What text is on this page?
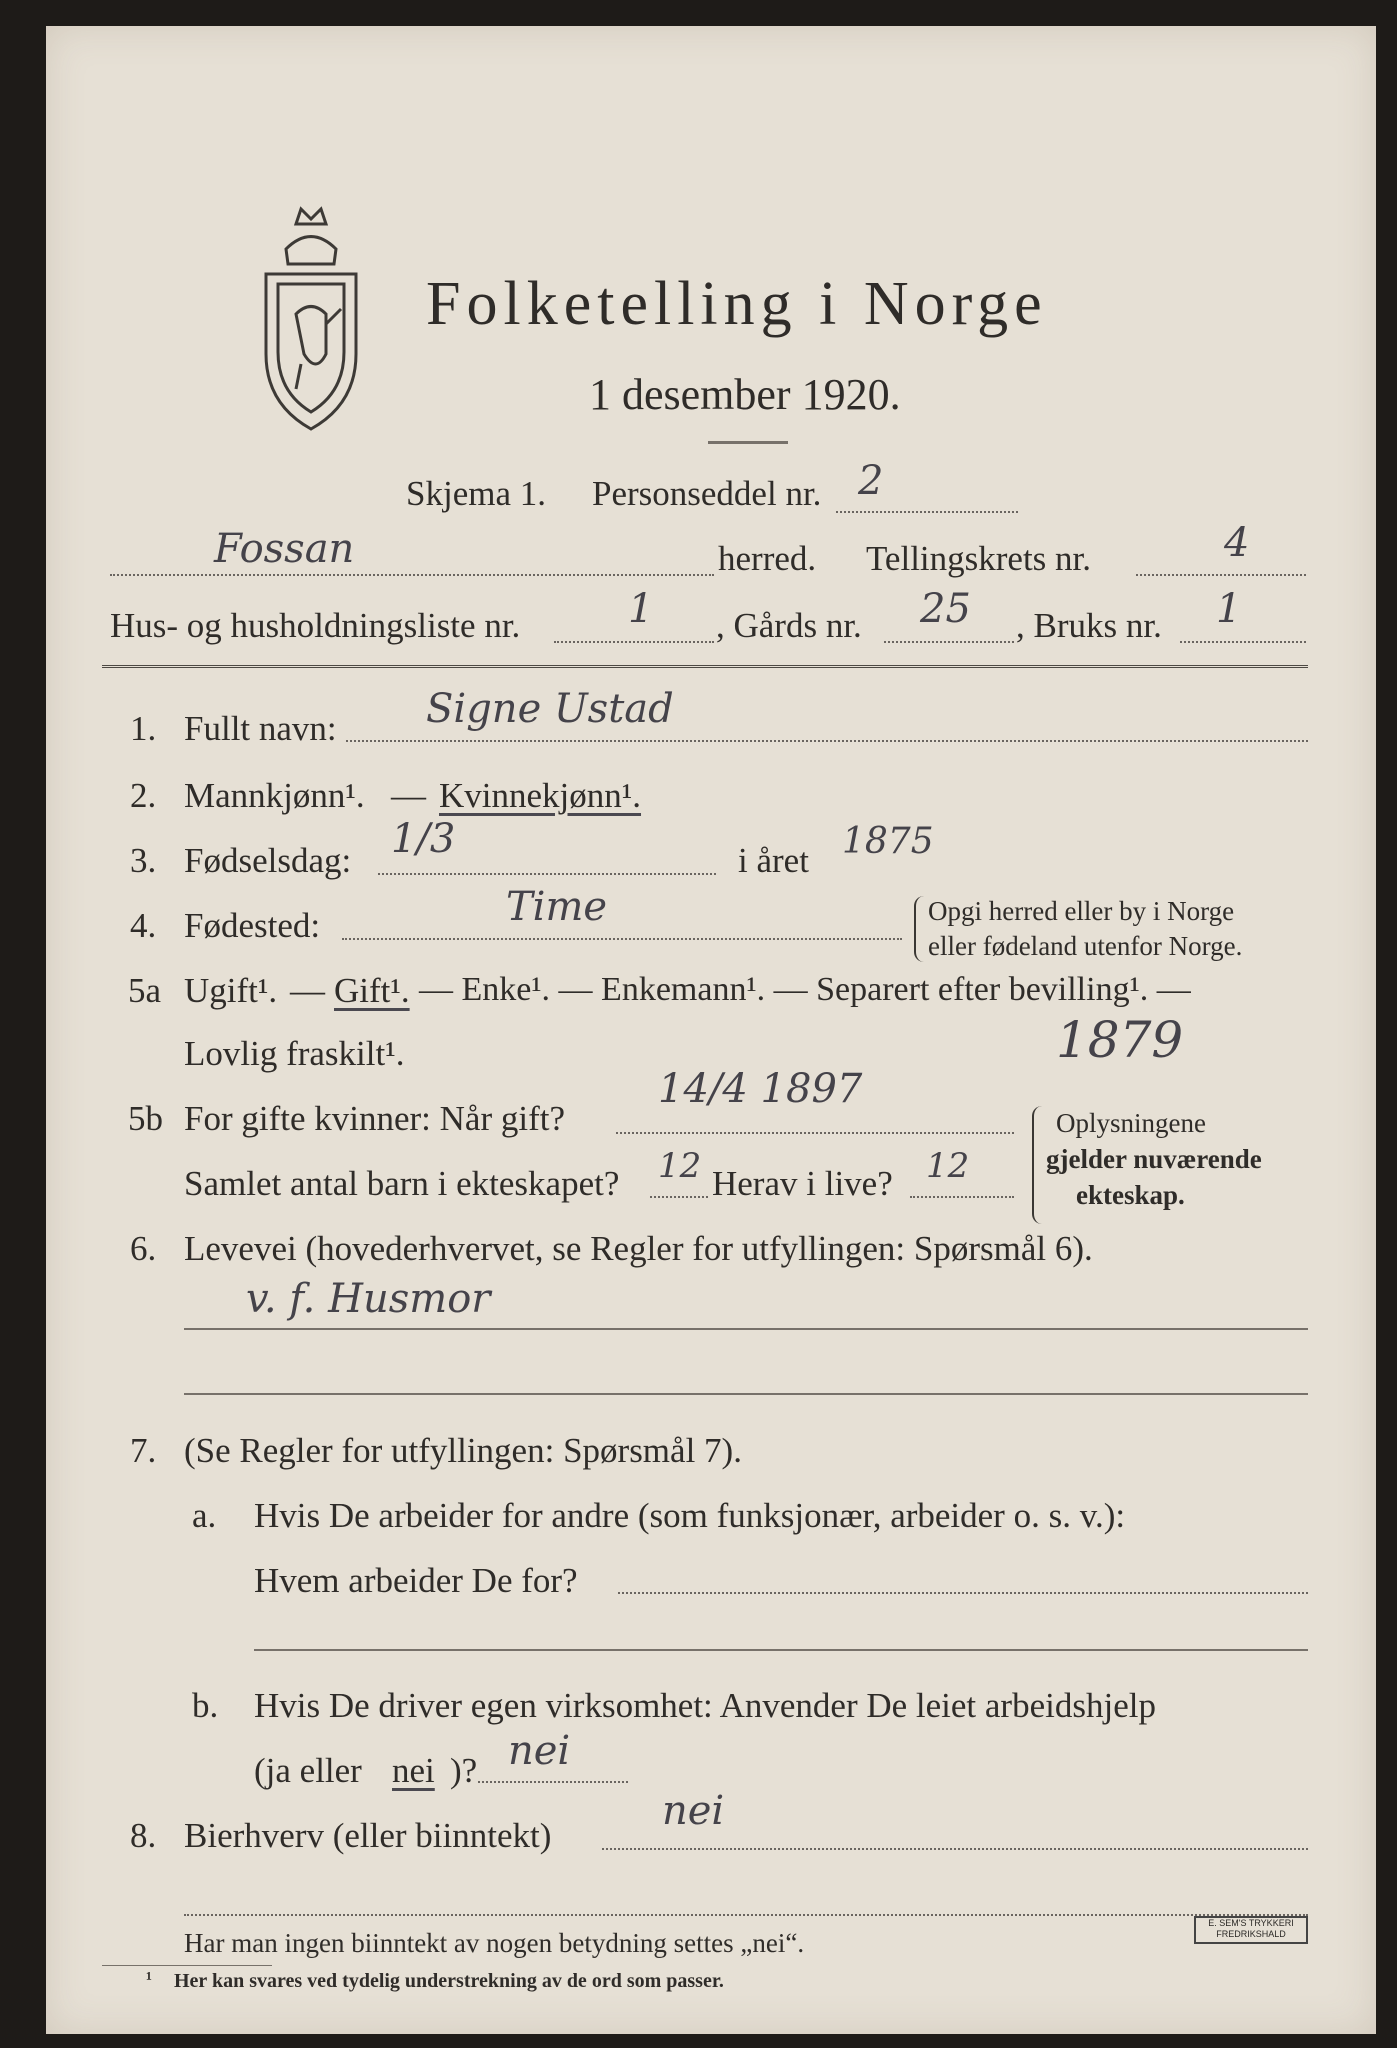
Folketelling i Norge
1 desember 1920.
Skjema 1. Personseddel nr. 2
Fossan	herred. Tellingskrets nr.	4
Hus- og husholdningsliste nr.	1 , Gårds nr. 25 , Bruks nr. 1
1. Fullt navn: Signe Ustad
2. Mannkjønn¹. — Kvinnekjønn¹.
3. Fødselsdag: 1/3	i året 1875
4. Fødested:	Time	Opgi herred eller by i Norge
eller fødeland utenfor Norge.
5a Ugift¹. — Gift¹. — Enke¹. — Enkemann¹. — Separert efter bevilling¹. —
Lovlig fraskilt¹.
5b For gifte kvinner: Når gift?
14/4 1897
1879
Samlet antal barn i ekteskapet? 12 Herav i live? 12
Oplysningene
gjelder nuværende
ekteskap.
6. Levevei (hovederhvervet, se Regler for utfyllingen: Spørsmål 6).
v. f. Husmor
7. (Se Regler for utfyllingen: Spørsmål 7).
a. Hvis De arbeider for andre (som funksjonær, arbeider o. s. v.):
Hvem arbeider De for?
b. Hvis De driver egen virksomhet: Anvender De leiet arbeidshjelp
(ja eller nei )? nei
8. Bierhverv (eller biinntekt)
nei
Har man ingen biinntekt av nogen betydning settes „nei“.
¹ Her kan svares ved tydelig understrekning av de ord som passer.
E. SEM'S TRYKKERI
FREDRIKSHALD
